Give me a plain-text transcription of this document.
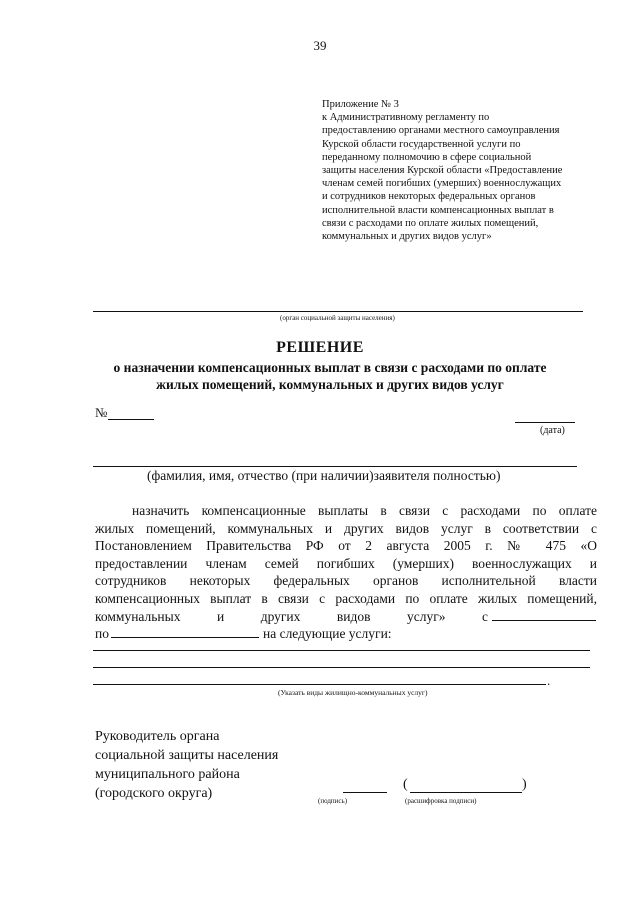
39
Приложение № 3
к Административному регламенту по
предоставлению органами местного самоуправления
Курской области государственной услуги по
переданному полномочию в сфере социальной
защиты населения Курской области «Предоставление
членам семей погибших (умерших) военнослужащих
и сотрудников некоторых федеральных органов
исполнительной власти компенсационных выплат в
связи с расходами по оплате жилых помещений,
коммунальных и других видов услуг»
(орган социальной защиты населения)
РЕШЕНИЕ
о назначении компенсационных выплат в связи с расходами по оплате
жилых помещений, коммунальных и других видов услуг
№
(дата)
(фамилия, имя, отчество (при наличии)заявителя полностью)
назначить компенсационные выплаты в связи с расходами по оплате
жилых помещений, коммунальных и других видов услуг в соответствии с
Постановлением Правительства РФ от 2 августа 2005 г. № 475 «О
предоставлении членам семей погибших (умерших) военнослужащих и
сотрудников некоторых федеральных органов исполнительной власти
компенсационных выплат в связи с расходами по оплате жилых помещений,
коммунальных и других видов услуг» с
по	на следующие услуги:
.
(Указать виды жилищно-коммунальных услуг)
Руководитель органа
социальной защиты населения
муниципального района
(городского округа)	(подпись)
(	)
(расшифровка подписи)
